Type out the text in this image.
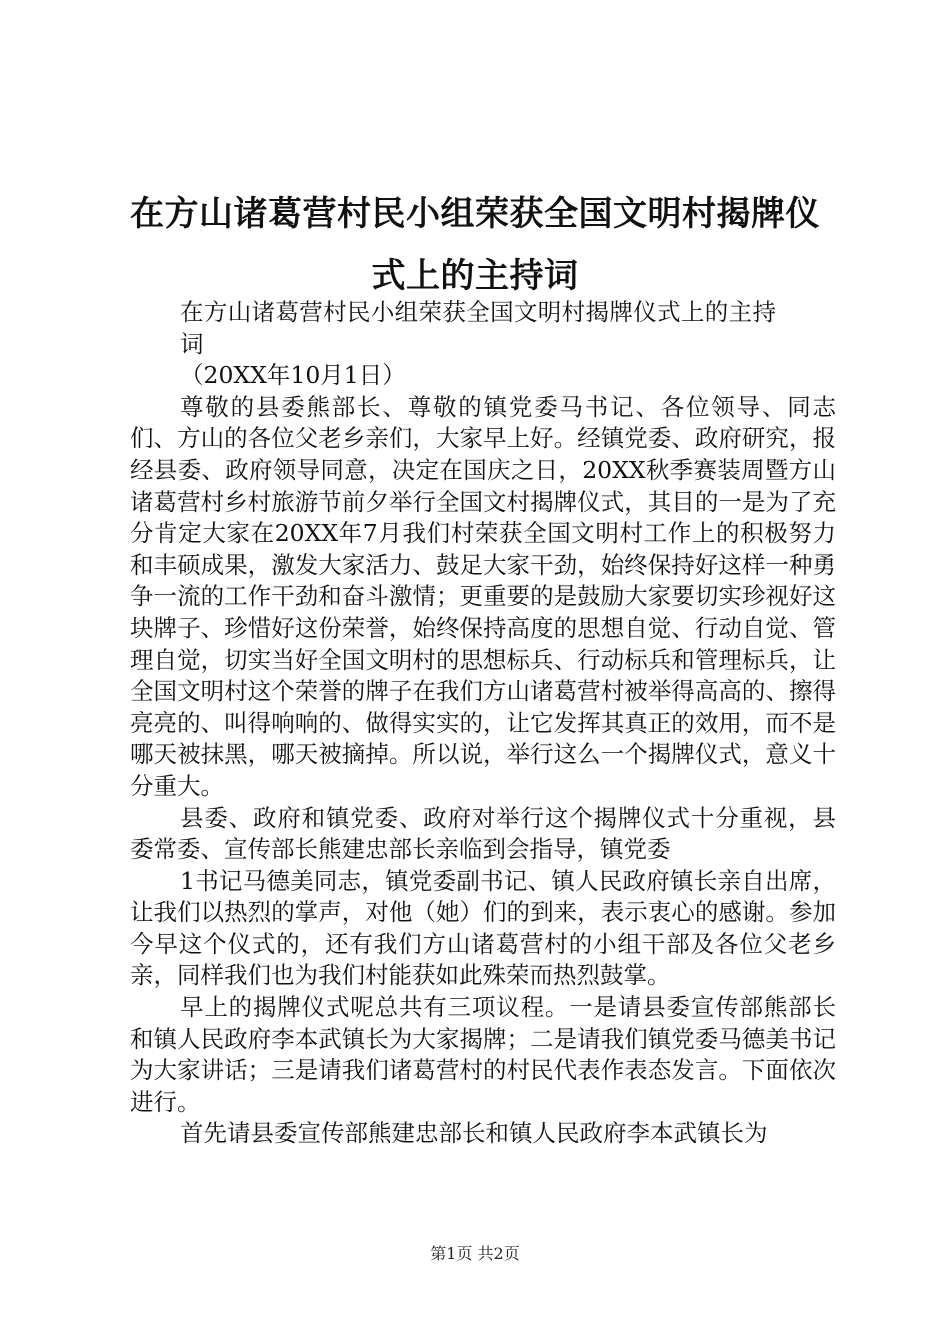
在方山诸葛营村民小组荣获全国文明村揭牌仪式上的主持词

在方山诸葛营村民小组荣获全国文明村揭牌仪式上的主持词

（20XX年10月1日）

尊敬的县委熊部长、尊敬的镇党委马书记、各位领导、同志们、方山的各位父老乡亲们，大家早上好。经镇党委、政府研究，报经县委、政府领导同意，决定在国庆之日，20XX秋季赛装周暨方山诸葛营村乡村旅游节前夕举行全国文村揭牌仪式，其目的一是为了充分肯定大家在20XX年7月我们村荣获全国文明村工作上的积极努力和丰硕成果，激发大家活力、鼓足大家干劲，始终保持好这样一种勇争一流的工作干劲和奋斗激情；更重要的是鼓励大家要切实珍视好这块牌子、珍惜好这份荣誉，始终保持高度的思想自觉、行动自觉、管理自觉，切实当好全国文明村的思想标兵、行动标兵和管理标兵，让全国文明村这个荣誉的牌子在我们方山诸葛营村被举得高高的、擦得亮亮的、叫得响响的、做得实实的，让它发挥其真正的效用，而不是哪天被抹黑，哪天被摘掉。所以说，举行这么一个揭牌仪式，意义十分重大。

县委、政府和镇党委、政府对举行这个揭牌仪式十分重视，县委常委、宣传部长熊建忠部长亲临到会指导，镇党委

1书记马德美同志，镇党委副书记、镇人民政府镇长亲自出席，让我们以热烈的掌声，对他（她）们的到来，表示衷心的感谢。参加今早这个仪式的，还有我们方山诸葛营村的小组干部及各位父老乡亲，同样我们也为我们村能获如此殊荣而热烈鼓掌。

早上的揭牌仪式呢总共有三项议程。一是请县委宣传部熊部长和镇人民政府李本武镇长为大家揭牌；二是请我们镇党委马德美书记为大家讲话；三是请我们诸葛营村的村民代表作表态发言。下面依次进行。

首先请县委宣传部熊建忠部长和镇人民政府李本武镇长为

第1页 共2页
